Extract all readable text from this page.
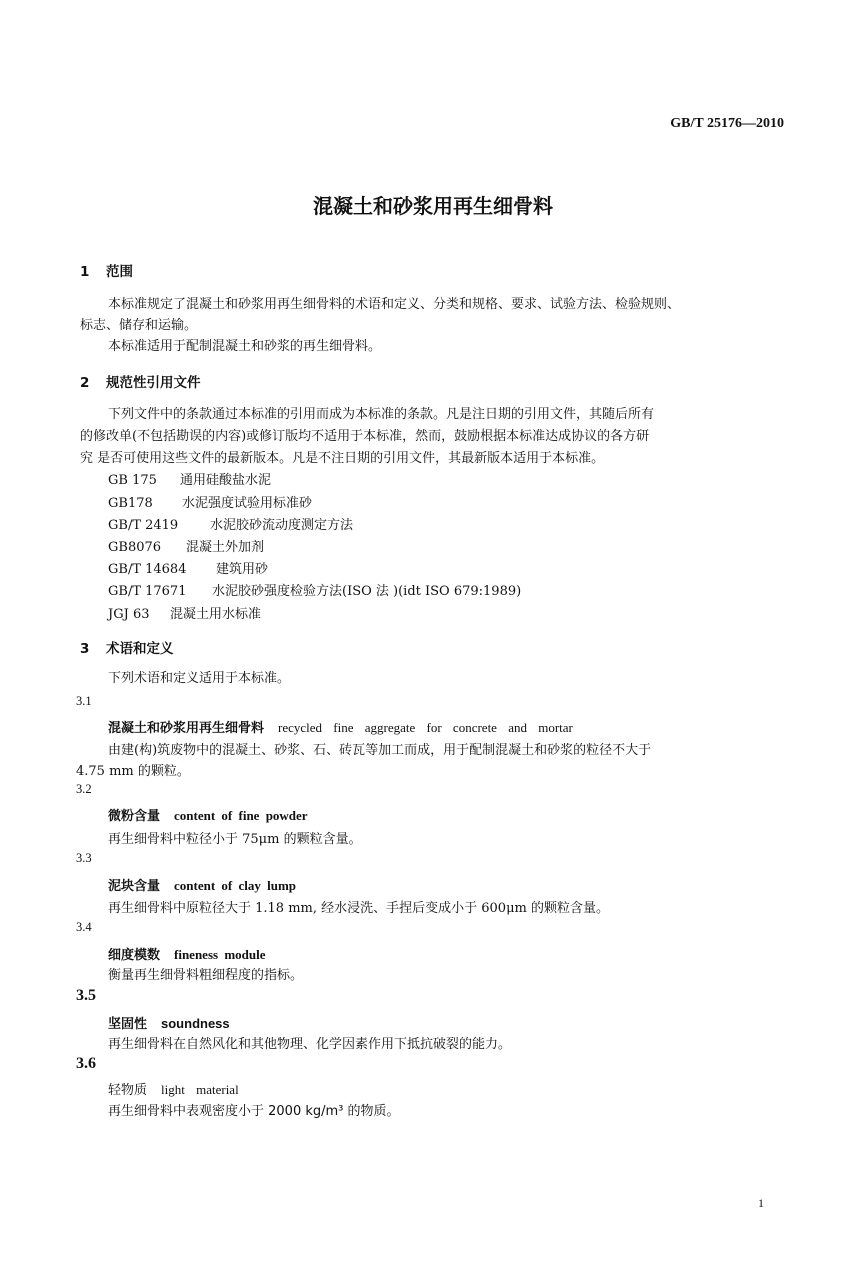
GB/T 25176—2010
混凝土和砂浆用再生细骨料
1 范围
本标准规定了混凝土和砂浆用再生细骨料的术语和定义、分类和规格、要求、试验方法、检验规则、
标志、储存和运输。
本标准适用于配制混凝土和砂浆的再生细骨料。
2 规范性引用文件
下列文件中的条款通过本标准的引用而成为本标准的条款。凡是注日期的引用文件，其随后所有
的修改单(不包括勘误的内容)或修订版均不适用于本标准，然而，鼓励根据本标准达成协议的各方研
究 是否可使用这些文件的最新版本。凡是不注日期的引用文件，其最新版本适用于本标准。
GB 175 通用硅酸盐水泥
GB178 水泥强度试验用标准砂
GB/T 2419 水泥胶砂流动度测定方法
GB8076 混凝土外加剂
GB/T 14684 建筑用砂
GB/T 17671 水泥胶砂强度检验方法(ISO 法 )(idt ISO 679:1989)
JGJ 63 混凝土用水标准
3 术语和定义
下列术语和定义适用于本标准。
3.1
混凝土和砂浆用再生细骨料 recycled fine aggregate for concrete and mortar
由建(构)筑废物中的混凝土、砂浆、石、砖瓦等加工而成，用于配制混凝土和砂浆的粒径不大于
4.75 mm 的颗粒。
3.2
微粉含量 content of fine powder
再生细骨料中粒径小于 75μm 的颗粒含量。
3.3
泥块含量 content of clay lump
再生细骨料中原粒径大于 1.18 mm, 经水浸洗、手捏后变成小于 600μm 的颗粒含量。
3.4
细度模数 fineness module
衡量再生细骨料粗细程度的指标。
3.5
坚固性 soundness
再生细骨料在自然风化和其他物理、化学因素作用下抵抗破裂的能力。
3.6
轻物质 light material
再生细骨料中表观密度小于 2000 kg/m³ 的物质。
1
